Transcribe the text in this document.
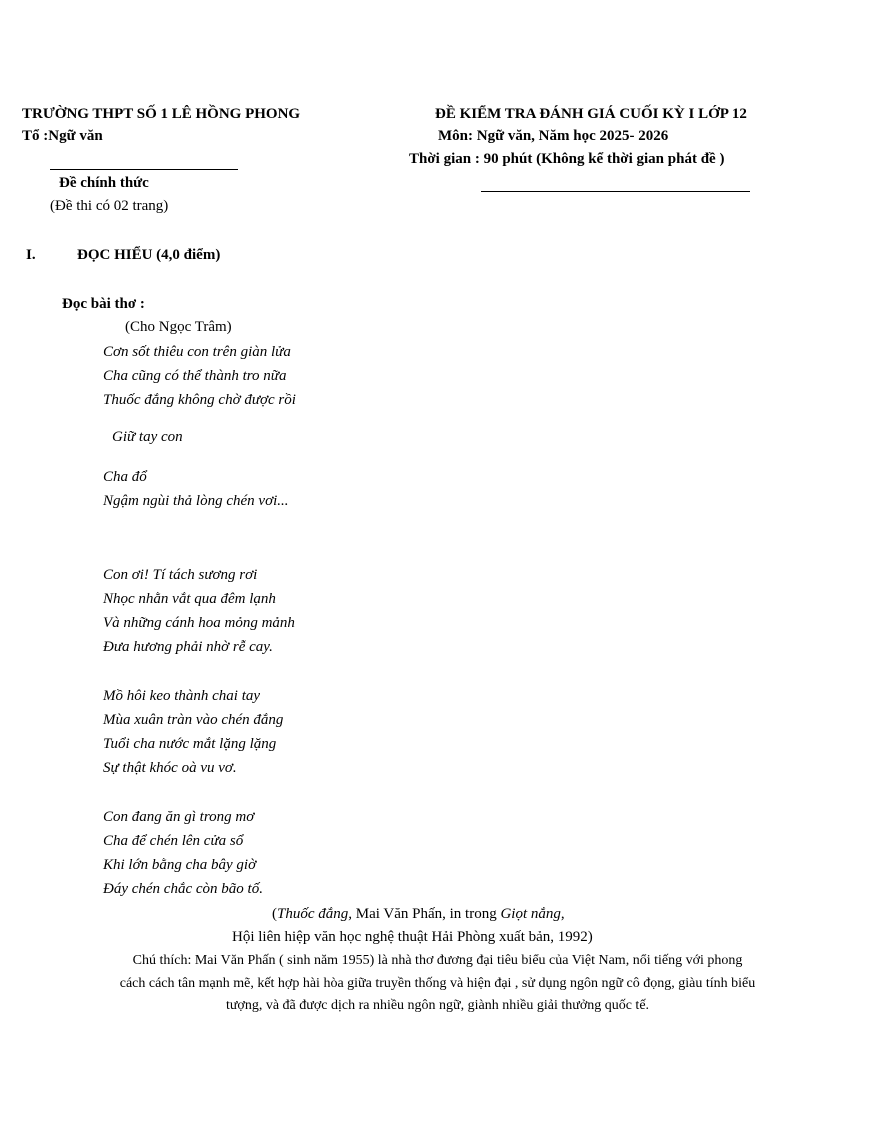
TRƯỜNG THPT SỐ 1 LÊ HỒNG PHONG
Tổ :Ngữ văn
Đề chính thức
(Đề thi có 02 trang)
ĐỀ KIỂM TRA ĐÁNH GIÁ CUỐI KỲ I LỚP 12
Môn: Ngữ văn, Năm học 2025- 2026
Thời gian : 90 phút (Không kể thời gian phát đề )
I.	ĐỌC HIỂU (4,0 điểm)
Đọc bài thơ :
(Cho Ngọc Trâm)
Cơn sốt thiêu con trên giàn lửa
Cha cũng có thể thành tro nữa
Thuốc đắng không chờ được rồi
Giữ tay con
Cha đổ
Ngậm ngùi thả lòng chén vơi...
Con ơi! Tí tách sương rơi
Nhọc nhằn vắt qua đêm lạnh
Và những cánh hoa mỏng mảnh
Đưa hương phải nhờ rễ cay.
Mồ hôi keo thành chai tay
Mùa xuân tràn vào chén đắng
Tuổi cha nước mắt lặng lặng
Sự thật khóc oà vu vơ.
Con đang ăn gì trong mơ
Cha để chén lên cửa sổ
Khi lớn bằng cha bây giờ
Đáy chén chắc còn bão tố.
(Thuốc đắng, Mai Văn Phấn, in trong Giọt nắng,
Hội liên hiệp văn học nghệ thuật Hải Phòng xuất bản, 1992)
Chú thích: Mai Văn Phấn ( sinh năm 1955) là nhà thơ đương đại tiêu biểu của Việt Nam, nổi tiếng với phong
cách cách tân mạnh mẽ, kết hợp hài hòa giữa truyền thống và hiện đại , sử dụng ngôn ngữ cô đọng, giàu tính biểu
tượng, và đã được dịch ra nhiều ngôn ngữ, giành nhiều giải thưởng quốc tế.
